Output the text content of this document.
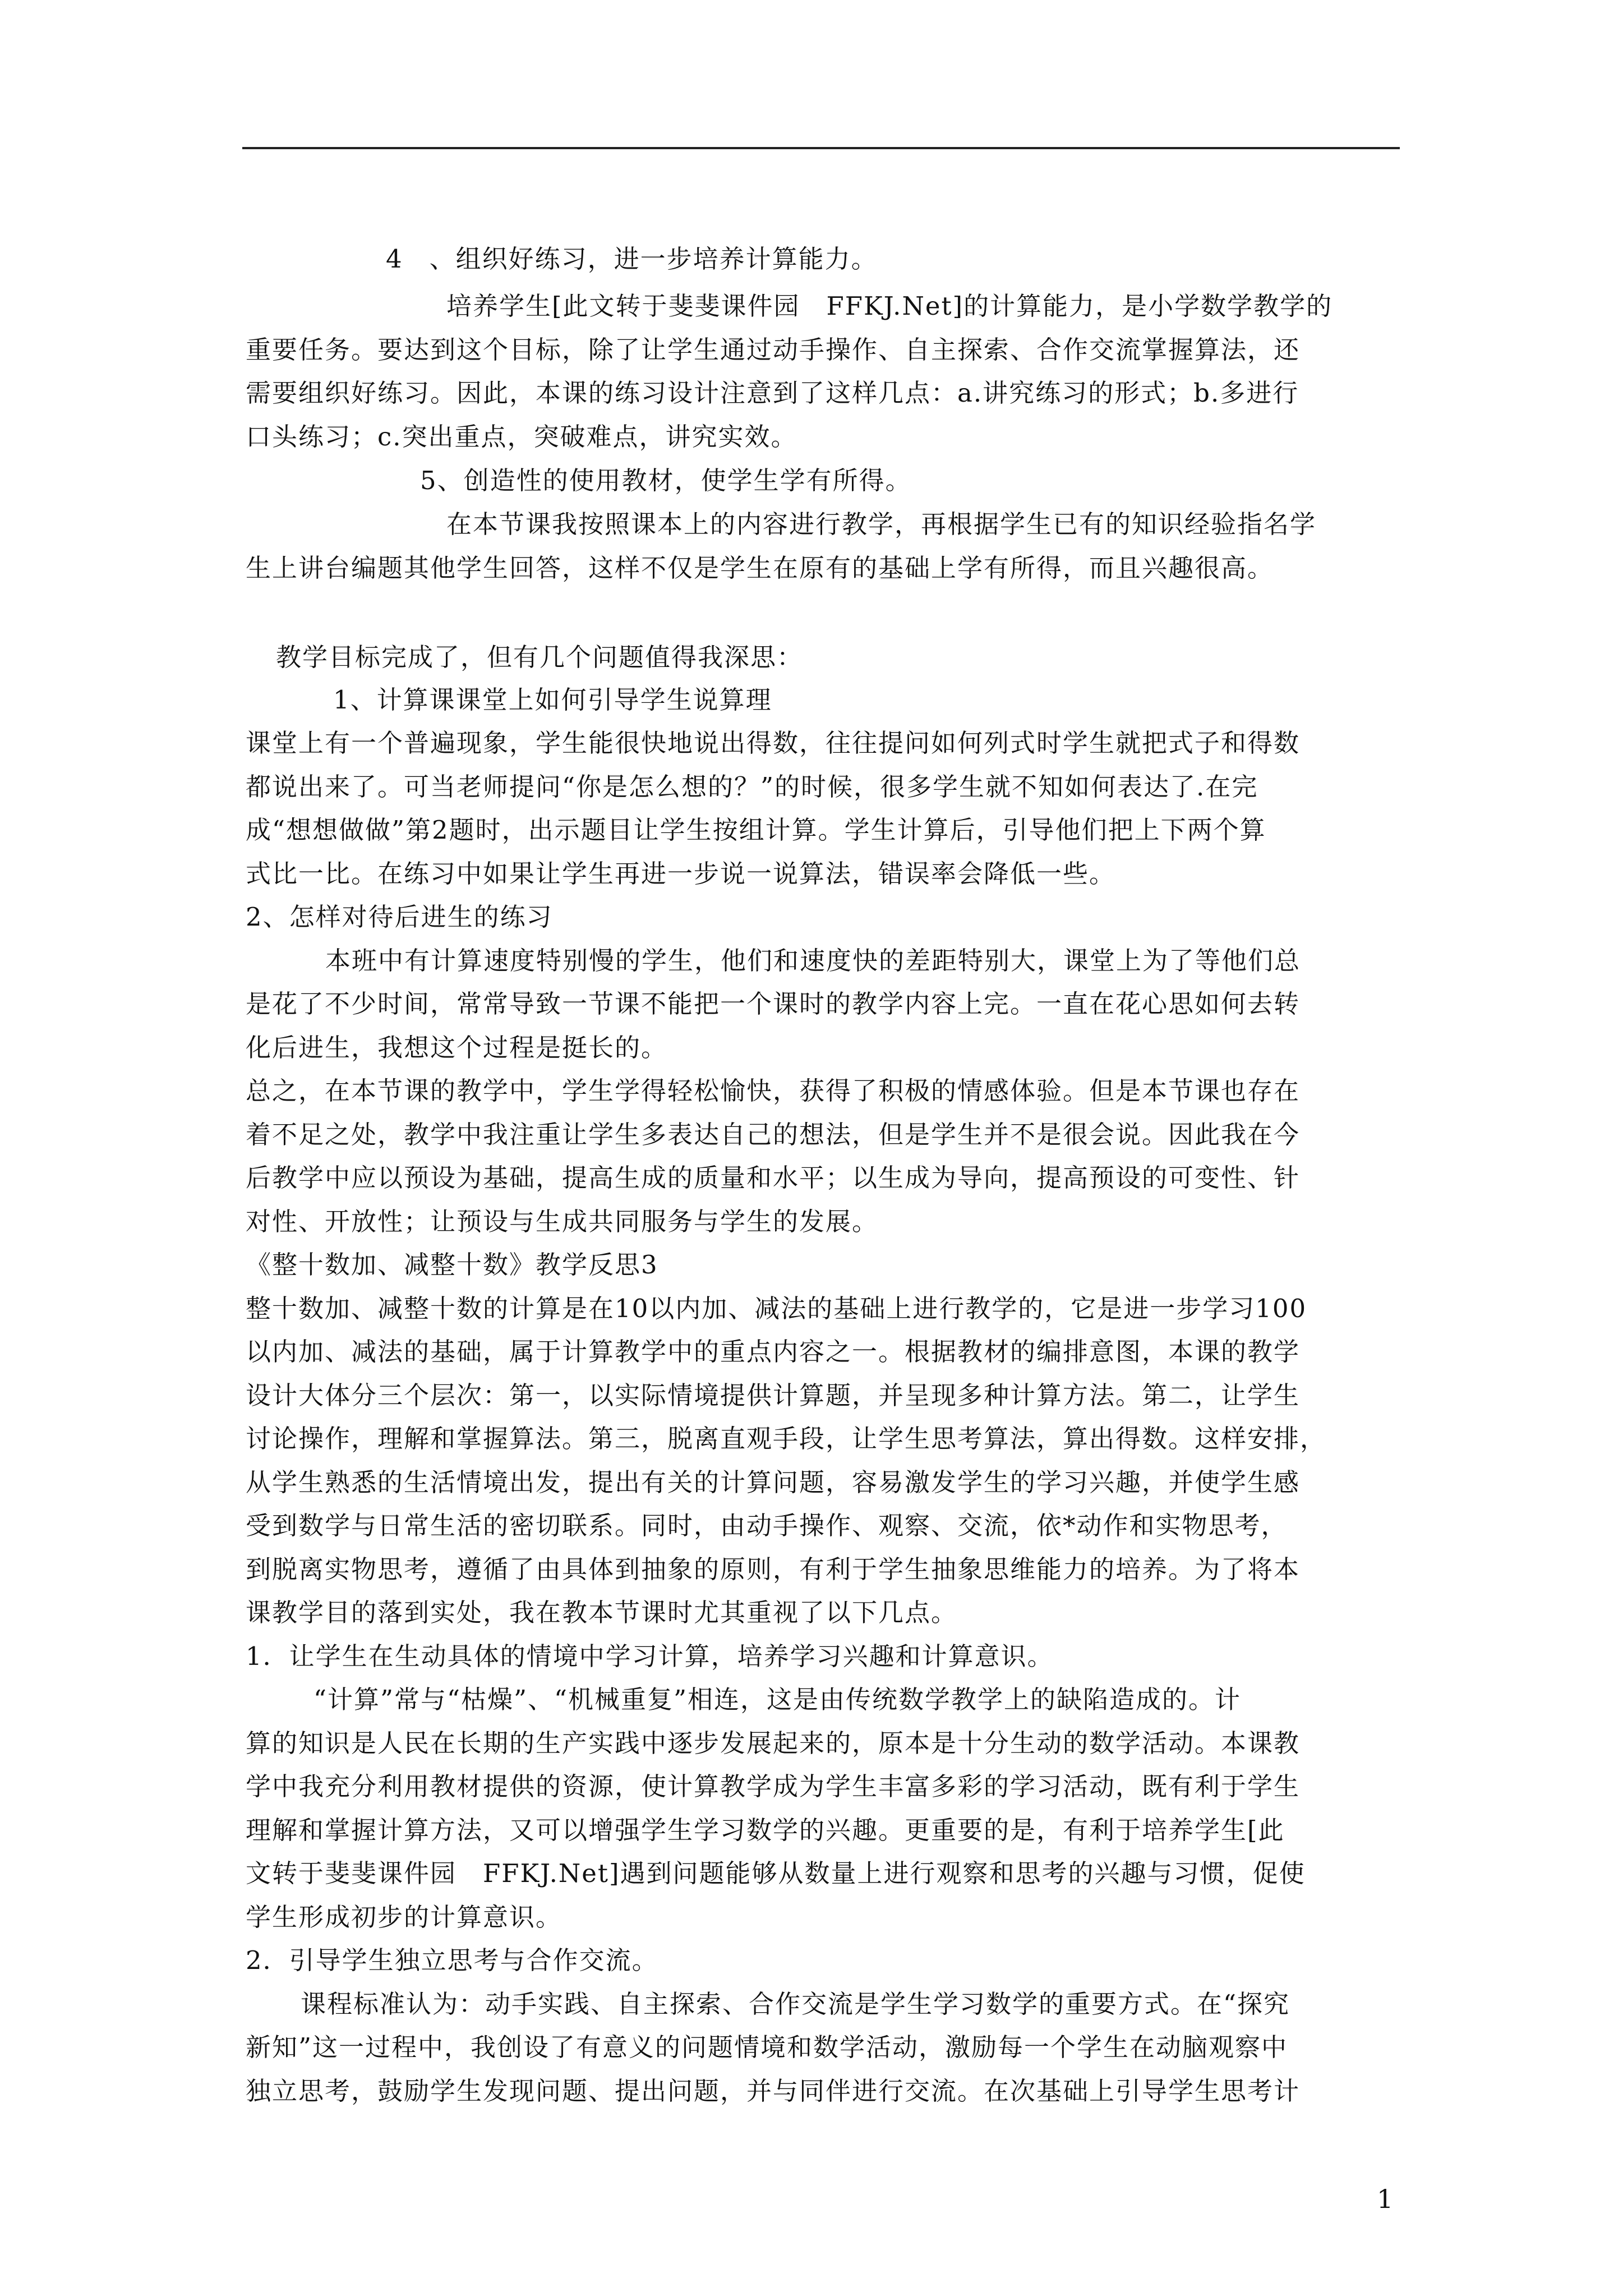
4　、组织好练习，进一步培养计算能力。
培养学生[此文转于斐斐课件园　FFKJ.Net]的计算能力，是小学数学教学的
重要任务。要达到这个目标，除了让学生通过动手操作、自主探索、合作交流掌握算法，还
需要组织好练习。因此，本课的练习设计注意到了这样几点：a.讲究练习的形式；b.多进行
口头练习；c.突出重点，突破难点，讲究实效。
5、创造性的使用教材，使学生学有所得。
在本节课我按照课本上的内容进行教学，再根据学生已有的知识经验指名学
生上讲台编题其他学生回答，这样不仅是学生在原有的基础上学有所得，而且兴趣很高。
教学目标完成了，但有几个问题值得我深思：
1、计算课课堂上如何引导学生说算理
课堂上有一个普遍现象，学生能很快地说出得数，往往提问如何列式时学生就把式子和得数
都说出来了。可当老师提问“你是怎么想的？”的时候，很多学生就不知如何表达了.在完
成“想想做做”第2题时，出示题目让学生按组计算。学生计算后，引导他们把上下两个算
式比一比。在练习中如果让学生再进一步说一说算法，错误率会降低一些。
2、怎样对待后进生的练习
本班中有计算速度特别慢的学生，他们和速度快的差距特别大，课堂上为了等他们总
是花了不少时间，常常导致一节课不能把一个课时的教学内容上完。一直在花心思如何去转
化后进生，我想这个过程是挺长的。
总之，在本节课的教学中，学生学得轻松愉快，获得了积极的情感体验。但是本节课也存在
着不足之处，教学中我注重让学生多表达自己的想法，但是学生并不是很会说。因此我在今
后教学中应以预设为基础，提高生成的质量和水平；以生成为导向，提高预设的可变性、针
对性、开放性；让预设与生成共同服务与学生的发展。
《整十数加、减整十数》教学反思3
整十数加、减整十数的计算是在10以内加、减法的基础上进行教学的，它是进一步学习100
以内加、减法的基础，属于计算教学中的重点内容之一。根据教材的编排意图，本课的教学
设计大体分三个层次：第一，以实际情境提供计算题，并呈现多种计算方法。第二，让学生
讨论操作，理解和掌握算法。第三，脱离直观手段，让学生思考算法，算出得数。这样安排，
从学生熟悉的生活情境出发，提出有关的计算问题，容易激发学生的学习兴趣，并使学生感
受到数学与日常生活的密切联系。同时，由动手操作、观察、交流，依*动作和实物思考，
到脱离实物思考，遵循了由具体到抽象的原则，有利于学生抽象思维能力的培养。为了将本
课教学目的落到实处，我在教本节课时尤其重视了以下几点。
1．让学生在生动具体的情境中学习计算，培养学习兴趣和计算意识。
“计算”常与“枯燥”、“机械重复”相连，这是由传统数学教学上的缺陷造成的。计
算的知识是人民在长期的生产实践中逐步发展起来的，原本是十分生动的数学活动。本课教
学中我充分利用教材提供的资源，使计算教学成为学生丰富多彩的学习活动，既有利于学生
理解和掌握计算方法，又可以增强学生学习数学的兴趣。更重要的是，有利于培养学生[此
文转于斐斐课件园　FFKJ.Net]遇到问题能够从数量上进行观察和思考的兴趣与习惯，促使
学生形成初步的计算意识。
2．引导学生独立思考与合作交流。
课程标准认为：动手实践、自主探索、合作交流是学生学习数学的重要方式。在“探究
新知”这一过程中，我创设了有意义的问题情境和数学活动，激励每一个学生在动脑观察中
独立思考，鼓励学生发现问题、提出问题，并与同伴进行交流。在次基础上引导学生思考计
1
